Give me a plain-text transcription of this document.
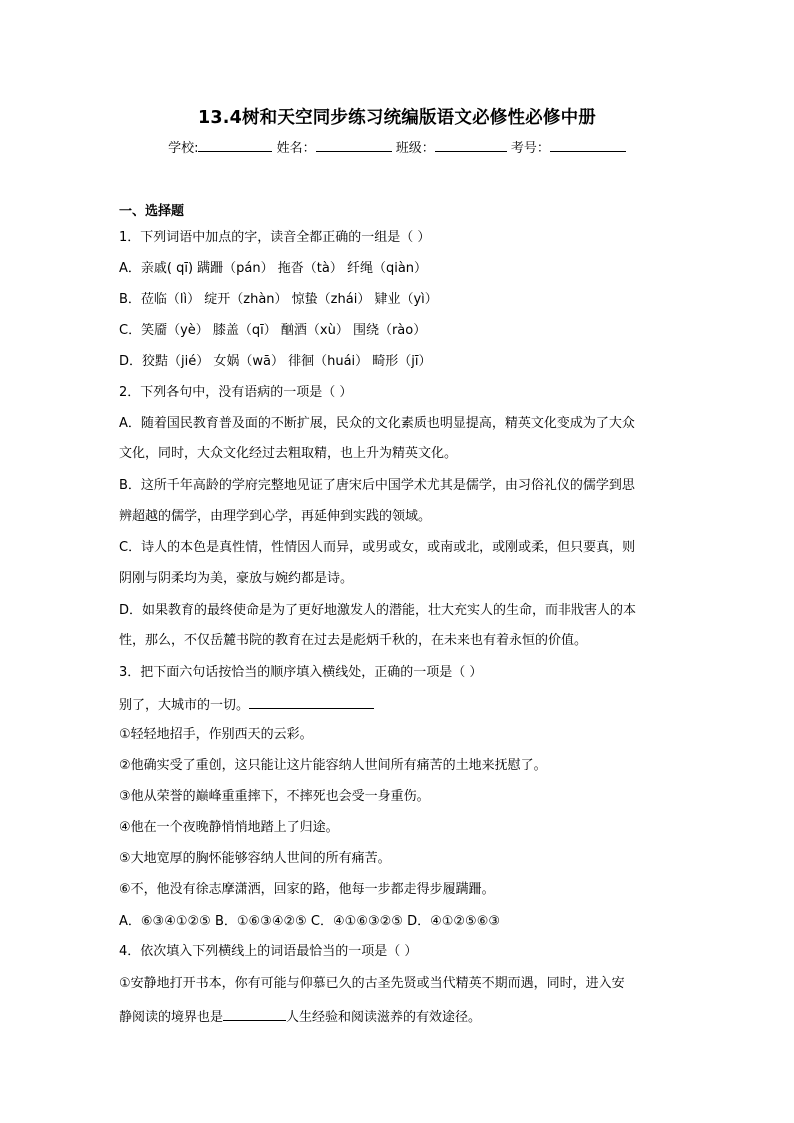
13.4树和天空同步练习统编版语文必修性必修中册
学校:	姓名：	班级：	考号：
一、选择题
1．下列词语中加点的字，读音全都正确的一组是（ ）
A．亲戚( qī) 蹒跚（pán） 拖沓（tà） 纤绳（qiàn）
B．莅临（lì） 绽开（zhàn） 惊蛰（zhái） 肄业（yì）
C．笑靥（yè） 膝盖（qī） 酗酒（xù） 围绕（rào）
D．狡黠（jié） 女娲（wā） 徘徊（huái） 畸形（jī）
2．下列各句中，没有语病的一项是（ ）
A．随着国民教育普及面的不断扩展，民众的文化素质也明显提高，精英文化变成为了大众
文化，同时，大众文化经过去粗取精，也上升为精英文化。
B．这所千年高龄的学府完整地见证了唐宋后中国学术尤其是儒学，由习俗礼仪的儒学到思
辨超越的儒学，由理学到心学，再延伸到实践的领域。
C．诗人的本色是真性情，性情因人而异，或男或女，或南或北，或刚或柔，但只要真，则
阴刚与阴柔均为美，豪放与婉约都是诗。
D．如果教育的最终使命是为了更好地激发人的潜能，壮大充实人的生命，而非戕害人的本
性，那么，不仅岳麓书院的教育在过去是彪炳千秋的，在未来也有着永恒的价值。
3．把下面六句话按恰当的顺序填入横线处，正确的一项是（ ）
别了，大城市的一切。
①轻轻地招手，作别西天的云彩。
②他确实受了重创，这只能让这片能容纳人世间所有痛苦的土地来抚慰了。
③他从荣誉的巅峰重重摔下，不摔死也会受一身重伤。
④他在一个夜晚静悄悄地踏上了归途。
⑤大地宽厚的胸怀能够容纳人世间的所有痛苦。
⑥不，他没有徐志摩潇洒，回家的路，他每一步都走得步履蹒跚。
A．⑥③④①②⑤ B．①⑥③④②⑤ C．④①⑥③②⑤ D．④①②⑤⑥③
4．依次填入下列横线上的词语最恰当的一项是（ ）
①安静地打开书本，你有可能与仰慕已久的古圣先贤或当代精英不期而遇，同时，进入安
静阅读的境界也是	人生经验和阅读滋养的有效途径。
